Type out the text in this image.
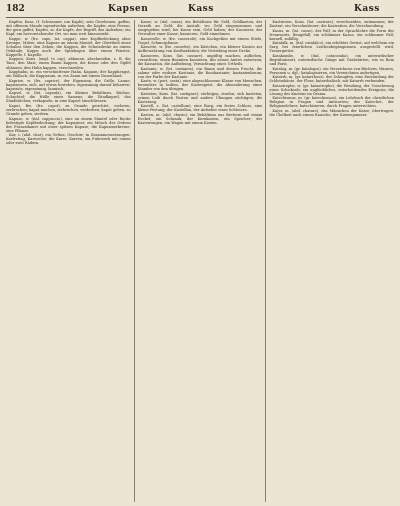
182	Kapsen	Kass	Kass

Kapfen, Kons. (f. Schwanner, um Kapfe), sein Gesehenen, gaffen, mit offenem Munde irgendwohin aufsehen; die Kapfer, eine Person, die gern gaffet; Kapfes, m. die Kapfe, der Begriff, das Aufsehen; ein Kapf, ein hervorstehender Ort, wo man weit hinaussieht.

Kappe, w. (frz. cape, lat. cappa), eine Kopfbedeckung ohne Krempe, Mütze; eine Kapuze an einem Mantel; der Obertheil eines Schuhes über den Zehen; die Kappen, die Schutzdecke an einem Gebäude; Kappe auch der Spitzbogen über einem Fenster; Kappelle, f. Kapelle.

Kappen, Kons. (engl. to cap), abhauen, abschneiden, z. B. die Taue, den Mast; einen Baum kappen, die Krone oder den Gipfel abhauen; den Hahn kappen, verschneiden.

Kapphahn, m. ein verschnittener Hahn, Kapaun; der Kapphengst, ein Wallach; die Kappzaum, m. ein Zaum mit einem Nasenband.

Kaprize, w. (frz. caprice), der Eigensinn, die Grille, Laune; kaprizieren, sich, auf etwas bestehen, eigensinnig darauf beharren; kapriziös, eigensinnig, launisch.

Kapsel, w. (lat. capsula), ein kleines Behältniss, Büchse, Schachtel; die Hülle eines Samens; die Zündkapsel, das Zündhütchen; verkapseln, in eine Kapsel einschliessen.

Kaput, Bw. (frz. capot), zu Grunde gerichtet, verloren, zerbrochen; kaput machen, zerbrechen, verderben; kaput gehen, zu Grunde gehen, sterben.

Kapuze, w. (ital. cappuccio), eine an einem Mantel oder Rocke befestigte Kopfbedeckung; der Kapuziner, ein Mönch des Ordens der Franziskaner mit einer spitzen Kapuze; die Kapuzinerkresse, eine Pflanze.

Kar, s. (ahd. char), ein Gefäss, Geschirr; in Zusammensetzungen: Karfreitag, Karwoche; die Karre, Karren, ein Fuhrwerk mit einem oder zwei Rädern.

Kasse, w. (ital. cassa), ein Behältniss für Geld, Geldkasten; der Vorrath an Geld; die Anstalt, wo Geld eingenommen und ausgegeben wird; bei Kasse sein, Geld haben; der Kassierer, der Verwalter einer Kasse; kassieren, Geld einnehmen.

Kasserolle, w. (frz. casserole), ein Kochgefäss mit einem Stiele, Tiegel, Schmorpfanne.

Kassette, w. (frz. cassette), ein Kästchen, ein kleiner Kasten zur Aufbewahrung von Kostbarkeiten; die Vertiefung einer Decke.

Kassieren, Kons. (lat. cassare), ungültig machen, aufheben, vernichten; einen Beamten kassieren, ihn seines Amtes entsetzen; die Kassation, die Aufhebung, Vernichtung eines Urtheils.

Kastanie, w. (lat. castanea), ein Baum und dessen Frucht; die zahme oder essbare Kastanie, die Rosskastanie; kastanienbraun, von der Farbe der Kastanie.

Kaste, w. (port. casta), eine abgeschlossene Klasse von Menschen, besonders in Indien; der Kastengeist, die Absonderung eines Standes von den übrigen.

Kasteien, Kons. (lat. castigare), züchtigen, strafen; sich kasteien, seinen Leib durch Fasten und andere Übungen züchtigen; die Kasteiung.

Kastell, s. (lat. castellum), eine Burg, ein festes Schloss, eine kleine Festung; der Kastellan, der Aufseher eines Schlosses.

Kasten, m. (ahd. chasto), ein Behältniss aus Brettern mit einem Deckel; ein Schrank; der Kornkasten, ein Speicher; der Kastenwagen, ein Wagen mit einem Kasten.

Kastrieren, Kons. (lat. castrare), verschneiden, entmannen; der Kastrat, ein Verschnittener; die Kastration, die Verschneidung.

Kasus, m. (lat. casus), der Fall; in der Sprachlehre die Form des Nennworts, Beugefall; ein schlimmer Kasus, ein schlimmer Fall; kasuell, zufällig.

Katafalk, m. (ital. catafalco), ein erhöhtes Gerüst, auf welchem ein Sarg bei feierlichen Leichenbegängnissen ausgestellt wird, Trauergerüst.

Katakombe, w. (ital. catacomba), ein unterirdischer Begräbnissort, unterirdische Gänge mit Grabstätten, wie in Rom und Paris.

Katalog, m. (gr. katalogos), ein Verzeichniss von Büchern, Waaren, Personen u. dgl.; katalogisieren, ein Verzeichniss anfertigen.

Katarrh, m. (gr. katarrhoos), der Schnupfen, eine Entzündung der Schleimhäute, der Fluss; katarrhalisch, mit Katarrh verbunden.

Katastrophe, w. (gr. katastrophe), die Wendung, der Umschwung eines Schicksals; ein unglückliches, entscheidendes Ereigniss; die Lösung des Knotens im Drama.

Katechismus, m. (gr. katechismos), ein Lehrbuch der christlichen Religion in Fragen und Antworten; der Katechet, der Religionslehrer; katechisieren, durch Fragen unterrichten.

Kater, m. (ahd. chataro), das Männchen der Katze; übertragen: die Übelkeit nach einem Rausche, der Katzenjammer.
